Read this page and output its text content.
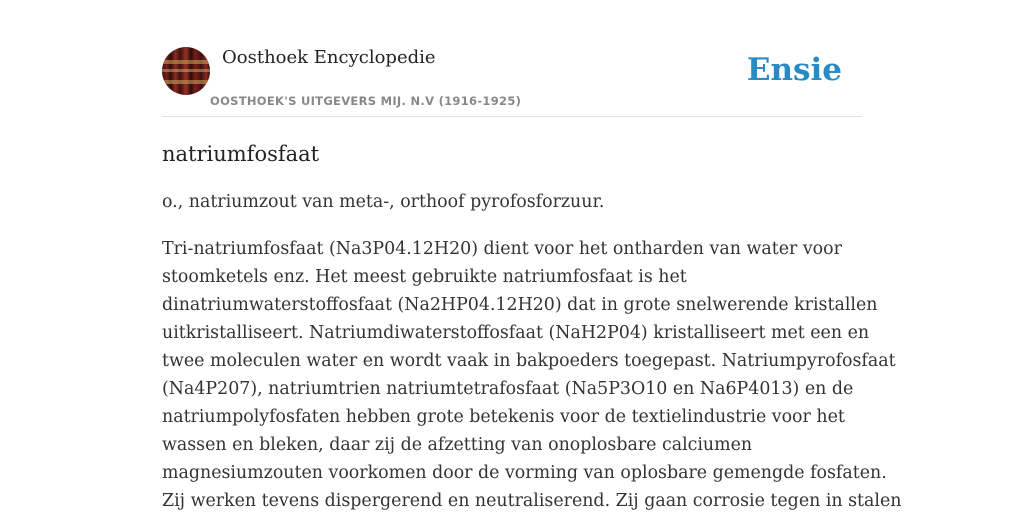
Oosthoek Encyclopedie
OOSTHOEK'S UITGEVERS MIJ. N.V (1916-1925)
Ensie
natriumfosfaat

o., natriumzout van meta-, orthoof pyrofosforzuur.

Tri-natriumfosfaat (Na3P04.12H20) dient voor het ontharden van water voor
stoomketels enz. Het meest gebruikte natriumfosfaat is het
dinatriumwaterstoffosfaat (Na2HP04.12H20) dat in grote snelwerende kristallen
uitkristalliseert. Natriumdiwaterstoffosfaat (NaH2P04) kristalliseert met een en
twee moleculen water en wordt vaak in bakpoeders toegepast. Natriumpyrofosfaat
(Na4P207), natriumtrien natriumtetrafosfaat (Na5P3O10 en Na6P4013) en de
natriumpolyfosfaten hebben grote betekenis voor de textielindustrie voor het
wassen en bleken, daar zij de afzetting van onoplosbare calciumen
magnesiumzouten voorkomen door de vorming van oplosbare gemengde fosfaten.
Zij werken tevens dispergerend en neutraliserend. Zij gaan corrosie tegen in stalen
